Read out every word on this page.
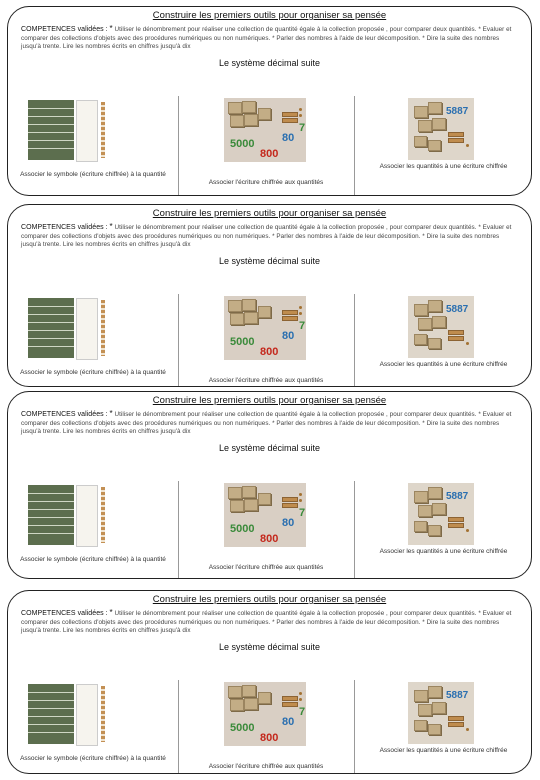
Construire les premiers outils pour organiser sa pensée
COMPETENCES validées : * Utiliser le dénombrement pour réaliser une collection de quantité égale à la collection proposée , pour comparer deux quantités. * Evaluer et comparer des collections d'objets avec des procédures numériques ou non numériques. * Parler des nombres à l'aide de leur décomposition. * Dire la suite des nombres jusqu'à trente. Lire les nombres écrits en chiffres jusqu'à dix
Le système décimal suite
Associer le symbole (écriture chiffrée) à la quantité
5000
800
80
7
Associer l'écriture chiffrée aux quantités
5887
Associer les quantités à une écriture chiffrée
Construire les premiers outils pour organiser sa pensée
COMPETENCES validées : * Utiliser le dénombrement pour réaliser une collection de quantité égale à la collection proposée , pour comparer deux quantités. * Evaluer et comparer des collections d'objets avec des procédures numériques ou non numériques. * Parler des nombres à l'aide de leur décomposition. * Dire la suite des nombres jusqu'à trente. Lire les nombres écrits en chiffres jusqu'à dix
Le système décimal suite
Associer le symbole (écriture chiffrée) à la quantité
5000
800
80
7
Associer l'écriture chiffrée aux quantités
5887
Associer les quantités à une écriture chiffrée
Construire les premiers outils pour organiser sa pensée
COMPETENCES validées : * Utiliser le dénombrement pour réaliser une collection de quantité égale à la collection proposée , pour comparer deux quantités. * Evaluer et comparer des collections d'objets avec des procédures numériques ou non numériques. * Parler des nombres à l'aide de leur décomposition. * Dire la suite des nombres jusqu'à trente. Lire les nombres écrits en chiffres jusqu'à dix
Le système décimal suite
Associer le symbole (écriture chiffrée) à la quantité
5000
800
80
7
Associer l'écriture chiffrée aux quantités
5887
Associer les quantités à une écriture chiffrée
Construire les premiers outils pour organiser sa pensée
COMPETENCES validées : * Utiliser le dénombrement pour réaliser une collection de quantité égale à la collection proposée , pour comparer deux quantités. * Evaluer et comparer des collections d'objets avec des procédures numériques ou non numériques. * Parler des nombres à l'aide de leur décomposition. * Dire la suite des nombres jusqu'à trente. Lire les nombres écrits en chiffres jusqu'à dix
Le système décimal suite
Associer le symbole (écriture chiffrée) à la quantité
5000
800
80
7
Associer l'écriture chiffrée aux quantités
5887
Associer les quantités à une écriture chiffrée
